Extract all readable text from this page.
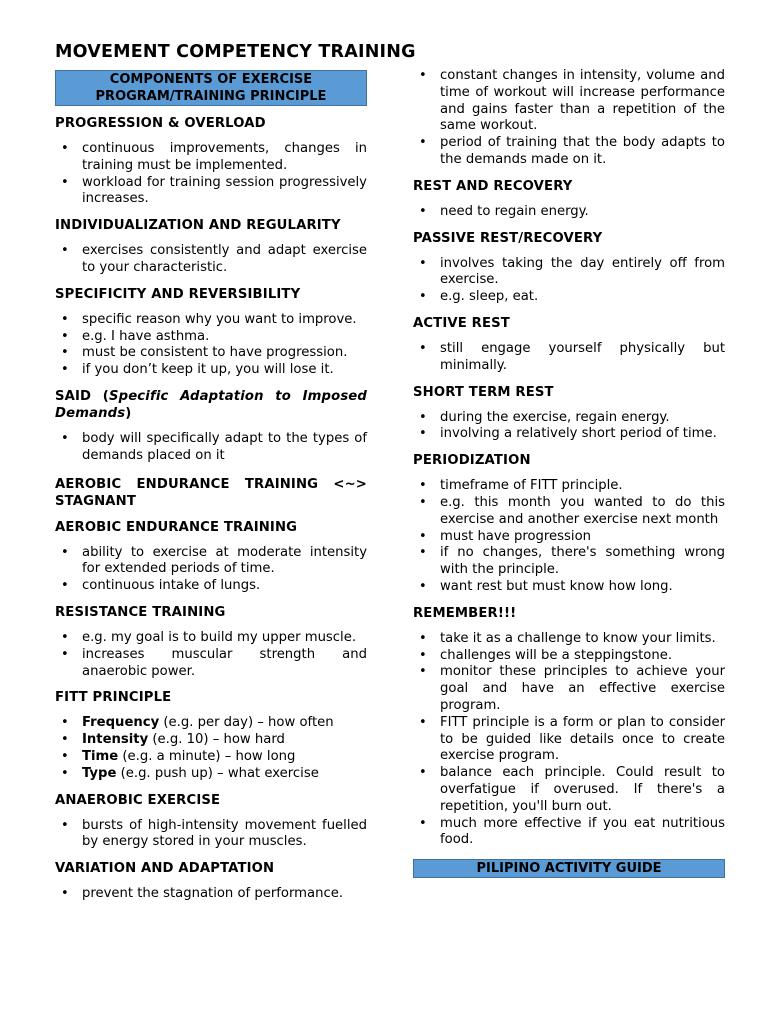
MOVEMENT COMPETENCY TRAINING
COMPONENTS OF EXERCISE
PROGRAM/TRAINING PRINCIPLE
PROGRESSION & OVERLOAD
• continuous improvements, changes in training must be implemented.
• workload for training session progressively increases.
INDIVIDUALIZATION AND REGULARITY
• exercises consistently and adapt exercise to your characteristic.
SPECIFICITY AND REVERSIBILITY
• specific reason why you want to improve.
• e.g. I have asthma.
• must be consistent to have progression.
• if you don’t keep it up, you will lose it.
SAID (Specific Adaptation to Imposed Demands)
• body will specifically adapt to the types of demands placed on it
AEROBIC ENDURANCE TRAINING <~> STAGNANT
AEROBIC ENDURANCE TRAINING
• ability to exercise at moderate intensity for extended periods of time.
• continuous intake of lungs.
RESISTANCE TRAINING
• e.g. my goal is to build my upper muscle.
• increases muscular strength and anaerobic power.
FITT PRINCIPLE
• Frequency (e.g. per day) – how often
• Intensity (e.g. 10) – how hard
• Time (e.g. a minute) – how long
• Type (e.g. push up) – what exercise
ANAEROBIC EXERCISE
• bursts of high-intensity movement fuelled by energy stored in your muscles.
VARIATION AND ADAPTATION
• prevent the stagnation of performance.
• constant changes in intensity, volume and time of workout will increase performance and gains faster than a repetition of the same workout.
• period of training that the body adapts to the demands made on it.
REST AND RECOVERY
• need to regain energy.
PASSIVE REST/RECOVERY
• involves taking the day entirely off from exercise.
• e.g. sleep, eat.
ACTIVE REST
• still engage yourself physically but minimally.
SHORT TERM REST
• during the exercise, regain energy.
• involving a relatively short period of time.
PERIODIZATION
• timeframe of FITT principle.
• e.g. this month you wanted to do this exercise and another exercise next month
• must have progression
• if no changes, there's something wrong with the principle.
• want rest but must know how long.
REMEMBER!!!
• take it as a challenge to know your limits.
• challenges will be a steppingstone.
• monitor these principles to achieve your goal and have an effective exercise program.
• FITT principle is a form or plan to consider to be guided like details once to create exercise program.
• balance each principle. Could result to overfatigue if overused. If there's a repetition, you'll burn out.
• much more effective if you eat nutritious food.
PILIPINO ACTIVITY GUIDE
